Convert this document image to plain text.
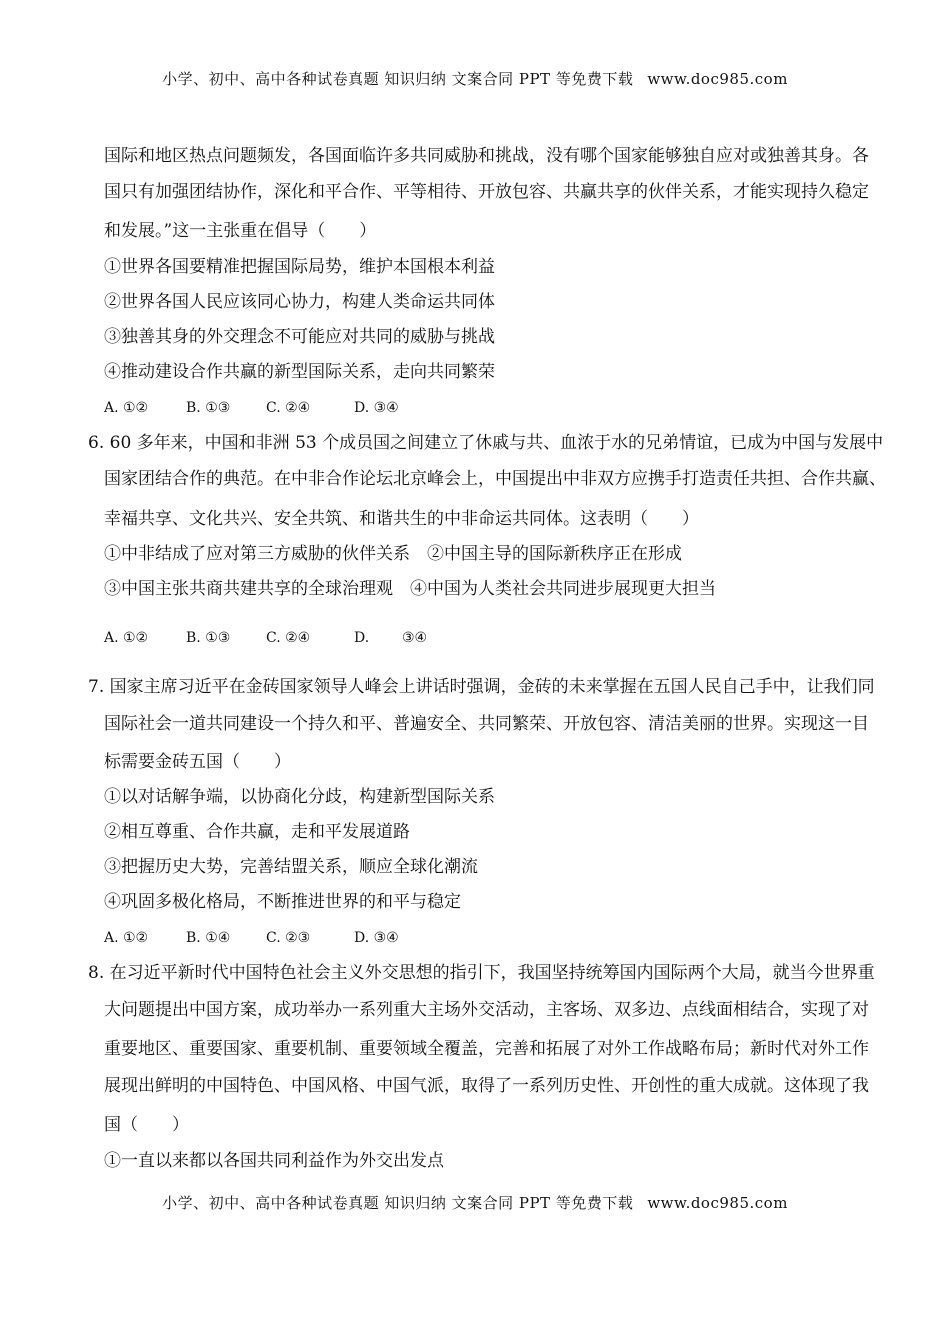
小学、初中、高中各种试卷真题 知识归纳 文案合同 PPT 等免费下载 www.doc985.com
国际和地区热点问题频发，各国面临许多共同威胁和挑战，没有哪个国家能够独自应对或独善其身。各
国只有加强团结协作，深化和平合作、平等相待、开放包容、共赢共享的伙伴关系，才能实现持久稳定
和发展。”这一主张重在倡导（　　）
①世界各国要精准把握国际局势，维护本国根本利益
②世界各国人民应该同心协力，构建人类命运共同体
③独善其身的外交理念不可能应对共同的威胁与挑战
④推动建设合作共赢的新型国际关系，走向共同繁荣
A. ①②	B. ①③	C. ②④	D. ③④
6. 60 多年来，中国和非洲 53 个成员国之间建立了休戚与共、血浓于水的兄弟情谊，已成为中国与发展中
国家团结合作的典范。在中非合作论坛北京峰会上，中国提出中非双方应携手打造责任共担、合作共赢、
幸福共享、文化共兴、安全共筑、和谐共生的中非命运共同体。这表明（　　）
①中非结成了应对第三方威胁的伙伴关系　②中国主导的国际新秩序正在形成
③中国主张共商共建共享的全球治理观　④中国为人类社会共同进步展现更大担当
A. ①②	B. ①③	C. ②④	D. ③④
7. 国家主席习近平在金砖国家领导人峰会上讲话时强调，金砖的未来掌握在五国人民自己手中，让我们同
国际社会一道共同建设一个持久和平、普遍安全、共同繁荣、开放包容、清洁美丽的世界。实现这一目
标需要金砖五国（　　）
①以对话解争端，以协商化分歧，构建新型国际关系
②相互尊重、合作共赢，走和平发展道路
③把握历史大势，完善结盟关系，顺应全球化潮流
④巩固多极化格局，不断推进世界的和平与稳定
A. ①②	B. ①④	C. ②③	D. ③④
8. 在习近平新时代中国特色社会主义外交思想的指引下，我国坚持统筹国内国际两个大局，就当今世界重
大问题提出中国方案，成功举办一系列重大主场外交活动，主客场、双多边、点线面相结合，实现了对
重要地区、重要国家、重要机制、重要领域全覆盖，完善和拓展了对外工作战略布局；新时代对外工作
展现出鲜明的中国特色、中国风格、中国气派，取得了一系列历史性、开创性的重大成就。这体现了我
国（　　）
①一直以来都以各国共同利益作为外交出发点
小学、初中、高中各种试卷真题 知识归纳 文案合同 PPT 等免费下载 www.doc985.com
